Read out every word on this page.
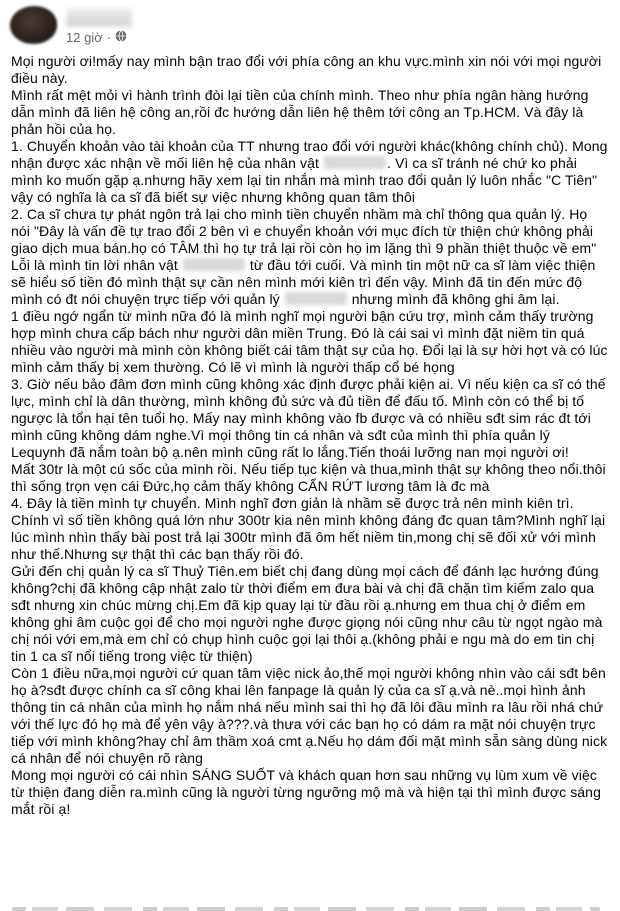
12 giờ ·

Mọi người ơi!mấy nay mình bận trao đổi với phía công an khu vực.mình xin nói với mọi người điều này.

Mình rất mệt mỏi vì hành trình đòi lại tiền của chính mình. Theo như phía ngân hàng hướng dẫn mình đã liên hệ công an,rồi đc hướng dẫn liên hệ thêm tới công an Tp.HCM. Và đây là phản hồi của họ.

1. Chuyển khoản vào tài khoản của TT nhưng trao đổi với người khác(không chính chủ). Mong nhận được xác nhận về mối liên hệ của nhân vật	. Vì ca sĩ tránh né chứ ko phải mình ko muốn gặp ạ.nhưng hãy xem lại tin nhắn mà mình trao đổi quản lý luôn nhắc "C Tiên" vậy có nghĩa là ca sĩ đã biết sự việc nhưng không quan tâm thôi

2. Ca sĩ chưa tự phát ngôn trả lại cho mình tiền chuyển nhầm mà chỉ thông qua quản lý. Họ nói "Đây là vấn đề tự trao đổi 2 bên vì e chuyển khoản với mục đích từ thiện chứ không phải giao dịch mua bán.họ có TÂM thì họ tự trả lại rồi còn họ im lặng thì 9 phần thiệt thuộc về em"

Lỗi là mình tin lời nhân vật	từ đầu tới cuối. Và mình tin một nữ ca sĩ làm việc thiện sẽ hiểu số tiền đó mình thật sự cần nên mình mới kiên trì đến vậy. Mình đã tin đến mức độ mình có đt nói chuyện trực tiếp với quản lý	nhưng mình đã không ghi âm lại.

1 điều ngớ ngẩn từ mình nữa đó là mình nghĩ mọi người bận cứu trợ, mình cảm thấy trường hợp mình chưa cấp bách như người dân miền Trung. Đó là cái sai vì mình đặt niềm tin quá nhiều vào người mà mình còn không biết cái tâm thật sự của họ. Đổi lại là sự hời hợt và có lúc mình cảm thấy bị xem thường. Có lẽ vì mình là người thấp cổ bé họng

3. Giờ nếu bảo đâm đơn mình cũng không xác định được phải kiện ai. Vì nếu kiện ca sĩ có thế lực, mình chỉ là dân thường, mình không đủ sức và đủ tiền để đấu tố. Mình còn có thể bị tố ngược là tổn hại tên tuổi họ. Mấy nay mình không vào fb được và có nhiều sđt sim rác đt tới mình cũng không dám nghe.Vì mọi thông tin cá nhân và sđt của mình thì phía quản lý Lequynh đã nắm toàn bộ ạ.nên mình cũng rất lo lắng.Tiến thoái lưỡng nan mọi người ơi!

Mất 30tr là một cú sốc của mình rồi. Nếu tiếp tục kiện và thua,mình thật sự không theo nổi.thôi thì sống trọn vẹn cái Đức,họ cảm thấy không CẨN RỨT lương tâm là đc mà

4. Đây là tiền mình tự chuyển. Mình nghĩ đơn giản là nhầm sẽ được trả nên mình kiên trì. Chính vì số tiền không quá lớn như 300tr kia nên mình không đáng đc quan tâm?Mình nghĩ lại lúc mình nhìn thấy bài post trả lại 300tr mình đã ôm hết niềm tin,mong chị sẽ đối xử với mình như thế.Nhưng sự thật thì các bạn thấy rồi đó.

Gửi đến chị quản lý ca sĩ Thuỷ Tiên.em biết chị đang dùng mọi cách để đánh lạc hướng đúng không?chị đã không cập nhật zalo từ thời điểm em đưa bài và chị đã chặn tìm kiếm zalo qua sđt nhưng xin chúc mừng chị.Em đã kịp quay lại từ đầu rồi ạ.nhưng em thua chị ở điểm em không ghi âm cuộc gọi để cho mọi người nghe được giọng nói cũng như câu từ ngọt ngào mà chị nói với em,mà em chỉ có chụp hình cuộc gọi lại thôi ạ.(không phải e ngu mà do em tin chị tin 1 ca sĩ nổi tiếng trong việc từ thiện)

Còn 1 điều nữa,mọi người cứ quan tâm việc nick ảo,thế mọi người không nhìn vào cái sđt bên họ à?sđt được chính ca sĩ công khai lên fanpage là quản lý của ca sĩ ạ.và nè..mọi hình ảnh thông tin cá nhân của mình họ nắm nhá nếu mình sai thì họ đã lôi đầu mình ra lâu rồi nhá chứ với thế lực đó họ mà để yên vậy à???.và thưa với các bạn họ có dám ra mặt nói chuyện trực tiếp với mình không?hay chỉ âm thầm xoá cmt ạ.Nếu họ dám đối mặt mình sẵn sàng dùng nick cá nhân để nói chuyện rõ ràng

Mong mọi người có cái nhìn SÁNG SUỐT và khách quan hơn sau những vụ lùm xum về việc từ thiện đang diễn ra.mình cũng là người từng ngưỡng mộ mà và hiện tại thì mình được sáng mắt rồi ạ!
